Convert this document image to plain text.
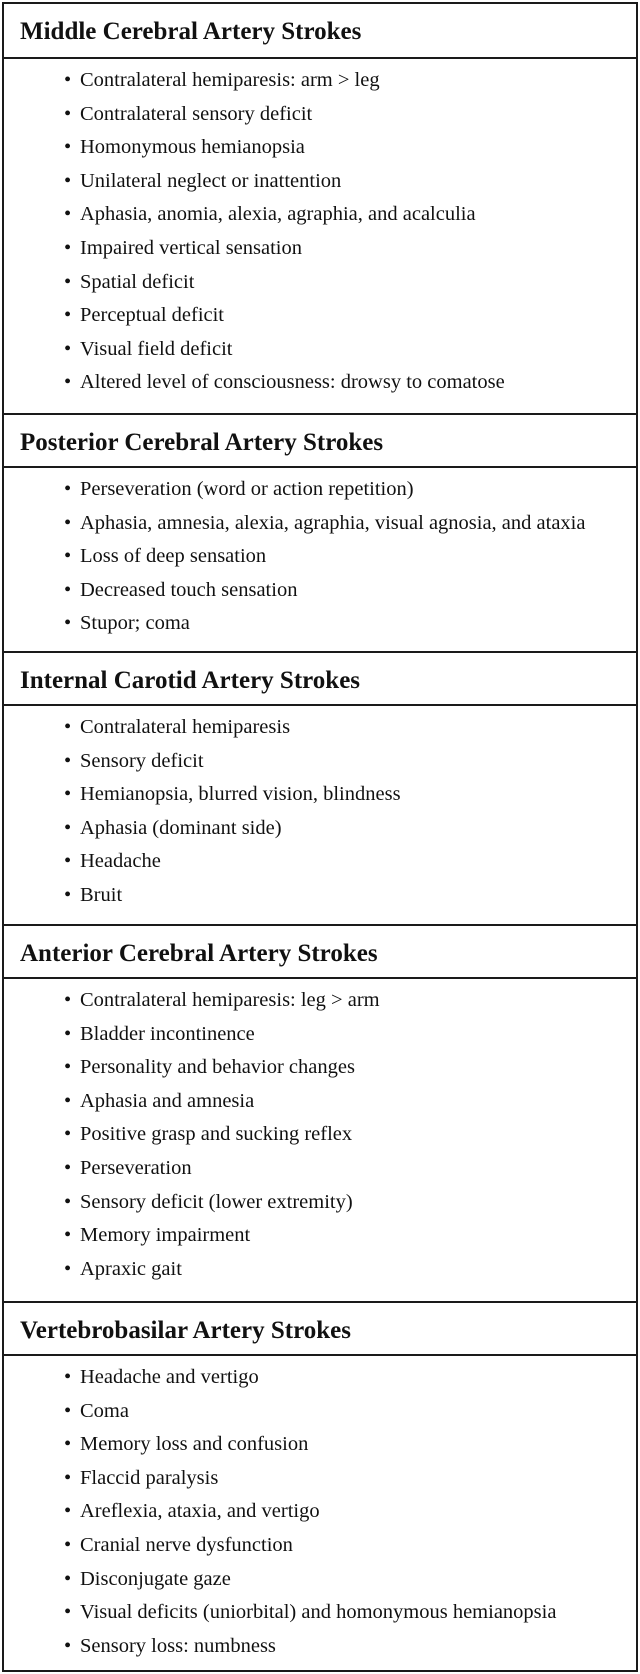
Middle Cerebral Artery Strokes
• Contralateral hemiparesis: arm > leg
• Contralateral sensory deficit
• Homonymous hemianopsia
• Unilateral neglect or inattention
• Aphasia, anomia, alexia, agraphia, and acalculia
• Impaired vertical sensation
• Spatial deficit
• Perceptual deficit
• Visual field deficit
• Altered level of consciousness: drowsy to comatose
Posterior Cerebral Artery Strokes
• Perseveration (word or action repetition)
• Aphasia, amnesia, alexia, agraphia, visual agnosia, and ataxia
• Loss of deep sensation
• Decreased touch sensation
• Stupor; coma
Internal Carotid Artery Strokes
• Contralateral hemiparesis
• Sensory deficit
• Hemianopsia, blurred vision, blindness
• Aphasia (dominant side)
• Headache
• Bruit
Anterior Cerebral Artery Strokes
• Contralateral hemiparesis: leg > arm
• Bladder incontinence
• Personality and behavior changes
• Aphasia and amnesia
• Positive grasp and sucking reflex
• Perseveration
• Sensory deficit (lower extremity)
• Memory impairment
• Apraxic gait
Vertebrobasilar Artery Strokes
• Headache and vertigo
• Coma
• Memory loss and confusion
• Flaccid paralysis
• Areflexia, ataxia, and vertigo
• Cranial nerve dysfunction
• Disconjugate gaze
• Visual deficits (uniorbital) and homonymous hemianopsia
• Sensory loss: numbness
